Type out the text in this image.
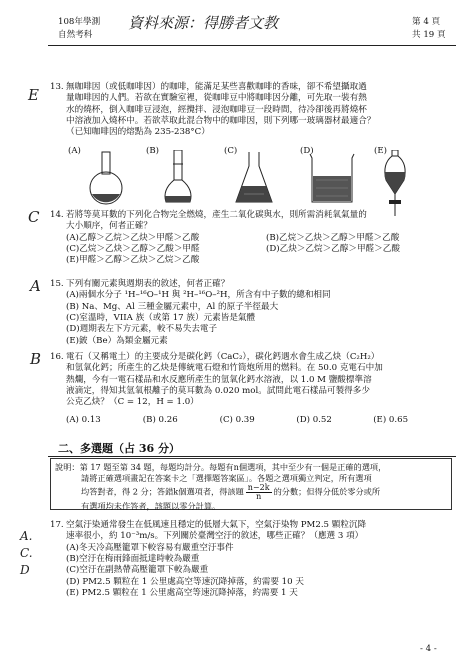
108年學測
自然考科
資料來源：得勝者文教	第 4 頁
共 19 頁
E
C
A
B
A.C.D
13. 無咖啡因（或低咖啡因）的咖啡，能滿足某些喜歡咖啡的香味，卻不希望攝取過
量咖啡因的人們。若欲在實驗室裡，從咖啡豆中將咖啡因分離，可先取一裝有熱
水的燒杯，倒入咖啡豆浸泡，經攪拌、浸泡咖啡豆一段時間，待冷卻後再將燒杯
中溶液加入燒杯中。若欲萃取此混合物中的咖啡因，則下列哪一玻璃器材最適合？
（已知咖啡因的熔點為 235-238°C）
(A)	(B)	(C)	(D)	(E)
14. 若將等莫耳數的下列化合物完全燃燒，產生二氧化碳與水，則所需消耗氧氣量的
大小順序，何者正確？
(A)乙醇＞乙烷＞乙炔＞甲醛＞乙酸	(B)乙烷＞乙炔＞乙醇＞甲醛＞乙酸
(C)乙烷＞乙炔＞乙醇＞乙酸＞甲醛	(D)乙炔＞乙烷＞乙醇＞甲醛＞乙酸
(E)甲醛＞乙醇＞乙炔＞乙烷＞乙酸
15. 下列有關元素與週期表的敘述，何者正確？
(A)兩個水分子 ¹H–¹⁶O–¹H 與 ²H–¹⁶O–²H，所含有中子數的總和相同
(B) Na、Mg、Al 三種金屬元素中，Al 的原子半徑最大
(C)室溫時，VIIA 族（或第 17 族）元素皆是氣體
(D)週期表左下方元素，較不易失去電子
(E)鈹（Be）為類金屬元素
16. 電石（又稱電土）的主要成分是碳化鈣（CaC₂），碳化鈣遇水會生成乙炔（C₂H₂）
和氫氧化鈣；所產生的乙炔是傳統電石燈和竹筒炮所用的燃料。在 50.0 克電石中加
熱爛，今有一電石樣品和水反應所產生的氫氧化鈣水溶液，以 1.0 M 鹽酸標準溶
液滴定，得知其氫氧根離子的莫耳數為 0.020 mol。試問此電石樣品可製得多少
公克乙炔？（C = 12，H = 1.0）
(A) 0.13	(B) 0.26	(C) 0.39	(D) 0.52	(E) 0.65
二、多選題（占 36 分）
說明：第 17 題至第 34 題，每題均計分。每題有n個選項，其中至少有一個是正確的選項，
請將正確選項畫記在答案卡之「選擇題答案區」。各題之選項獨立判定，所有選項
均答對者，得 2 分；答錯k個選項者，得該題 $\frac{n-2k}{n}$ 的分數；但得分低於零分或所
有選項均未作答者，該題以零分計算。
17. 空氣汙染通常發生在低風速且穩定的低層大氣下，空氣汙染物 PM2.5 顆粒沉降
速率很小，約 10⁻³m/s。下列關於臺灣空汙的敘述，哪些正確？（應選 3 項）
(A)冬天冷高壓籠罩下較容易有嚴重空汙事件
(B)空汙在梅雨鋒面抵達時較為嚴重
(C)空汙在副熱帶高壓籠罩下較為嚴重
(D) PM2.5 顆粒在 1 公里處高空等速沉降掉落，約需要 10 天
(E) PM2.5 顆粒在 1 公里處高空等速沉降掉落，約需要 1 天
- 4 -
